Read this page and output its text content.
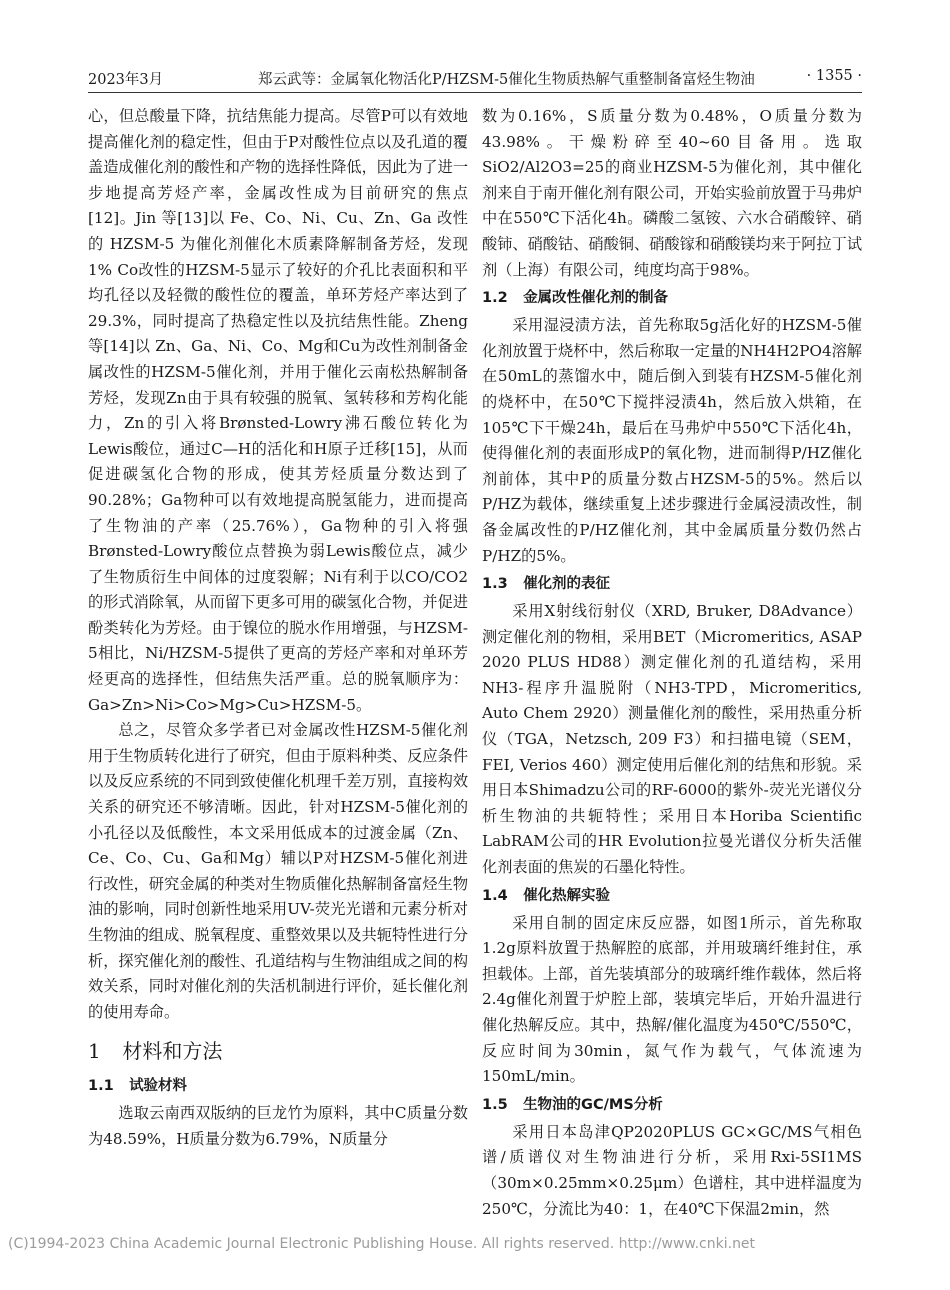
2023年3月	郑云武等：金属氧化物活化P/HZSM-5催化生物质热解气重整制备富烃生物油	· 1355 ·

心，但总酸量下降，抗结焦能力提高。尽管P可以有效地提高催化剂的稳定性，但由于P对酸性位点以及孔道的覆盖造成催化剂的酸性和产物的选择性降低，因此为了进一步地提高芳烃产率，金属改性成为目前研究的焦点[12]。Jin 等[13]以 Fe、Co、Ni、Cu、Zn、Ga 改性的 HZSM-5 为催化剂催化木质素降解制备芳烃，发现1% Co改性的HZSM-5显示了较好的介孔比表面积和平均孔径以及轻微的酸性位的覆盖，单环芳烃产率达到了29.3%，同时提高了热稳定性以及抗结焦性能。Zheng 等[14]以 Zn、Ga、Ni、Co、Mg和Cu为改性剂制备金属改性的HZSM-5催化剂，并用于催化云南松热解制备芳烃，发现Zn由于具有较强的脱氧、氢转移和芳构化能力，Zn的引入将Brønsted-Lowry沸石酸位转化为Lewis酸位，通过C—H的活化和H原子迁移[15]，从而促进碳氢化合物的形成，使其芳烃质量分数达到了90.28%；Ga物种可以有效地提高脱氢能力，进而提高了生物油的产率（25.76%），Ga物种的引入将强Brønsted-Lowry酸位点替换为弱Lewis酸位点，减少了生物质衍生中间体的过度裂解；Ni有利于以CO/CO2的形式消除氧，从而留下更多可用的碳氢化合物，并促进酚类转化为芳烃。由于镍位的脱水作用增强，与HZSM-5相比，Ni/HZSM-5提供了更高的芳烃产率和对单环芳烃更高的选择性，但结焦失活严重。总的脱氧顺序为：Ga>Zn>Ni>Co>Mg>Cu>HZSM-5。

总之，尽管众多学者已对金属改性HZSM-5催化剂用于生物质转化进行了研究，但由于原料种类、反应条件以及反应系统的不同到致使催化机理千差万别，直接构效关系的研究还不够清晰。因此，针对HZSM-5催化剂的小孔径以及低酸性，本文采用低成本的过渡金属（Zn、Ce、Co、Cu、Ga和Mg）辅以P对HZSM-5催化剂进行改性，研究金属的种类对生物质催化热解制备富烃生物油的影响，同时创新性地采用UV-荧光光谱和元素分析对生物油的组成、脱氧程度、重整效果以及共轭特性进行分析，探究催化剂的酸性、孔道结构与生物油组成之间的构效关系，同时对催化剂的失活机制进行评价，延长催化剂的使用寿命。

1 材料和方法
1.1 试验材料

选取云南西双版纳的巨龙竹为原料，其中C质量分数为48.59%，H质量分数为6.79%，N质量分

数为0.16%，S质量分数为0.48%，O质量分数为43.98%。干燥粉碎至40~60目备用。选取SiO2/Al2O3=25的商业HZSM-5为催化剂，其中催化剂来自于南开催化剂有限公司，开始实验前放置于马弗炉中在550℃下活化4h。磷酸二氢铵、六水合硝酸锌、硝酸铈、硝酸钴、硝酸铜、硝酸镓和硝酸镁均来于阿拉丁试剂（上海）有限公司，纯度均高于98%。

1.2 金属改性催化剂的制备

采用湿浸渍方法，首先称取5g活化好的HZSM-5催化剂放置于烧杯中，然后称取一定量的NH4H2PO4溶解在50mL的蒸馏水中，随后倒入到装有HZSM-5催化剂的烧杯中，在50℃下搅拌浸渍4h，然后放入烘箱，在105℃下干燥24h，最后在马弗炉中550℃下活化4h，使得催化剂的表面形成P的氧化物，进而制得P/HZ催化剂前体，其中P的质量分数占HZSM-5的5%。然后以P/HZ为载体，继续重复上述步骤进行金属浸渍改性，制备金属改性的P/HZ催化剂，其中金属质量分数仍然占P/HZ的5%。

1.3 催化剂的表征

采用X射线衍射仪（XRD, Bruker, D8Advance）测定催化剂的物相，采用BET（Micromeritics, ASAP 2020 PLUS HD88）测定催化剂的孔道结构，采用NH3-程序升温脱附（NH3-TPD，Micromeritics, Auto Chem 2920）测量催化剂的酸性，采用热重分析仪（TGA，Netzsch, 209 F3）和扫描电镜（SEM，FEI, Verios 460）测定使用后催化剂的结焦和形貌。采用日本Shimadzu公司的RF-6000的紫外-荧光光谱仪分析生物油的共轭特性；采用日本Horiba Scientific LabRAM公司的HR Evolution拉曼光谱仪分析失活催化剂表面的焦炭的石墨化特性。

1.4 催化热解实验

采用自制的固定床反应器，如图1所示，首先称取1.2g原料放置于热解腔的底部，并用玻璃纤维封住，承担载体。上部，首先装填部分的玻璃纤维作载体，然后将2.4g催化剂置于炉腔上部，装填完毕后，开始升温进行催化热解反应。其中，热解/催化温度为450℃/550℃，反应时间为30min，氮气作为载气，气体流速为150mL/min。

1.5 生物油的GC/MS分析

采用日本岛津QP2020PLUS GC×GC/MS气相色谱/质谱仪对生物油进行分析，采用Rxi-5SI1MS（30m×0.25mm×0.25μm）色谱柱，其中进样温度为250℃，分流比为40：1，在40℃下保温2min，然

(C)1994-2023 China Academic Journal Electronic Publishing House. All rights reserved. http://www.cnki.net
